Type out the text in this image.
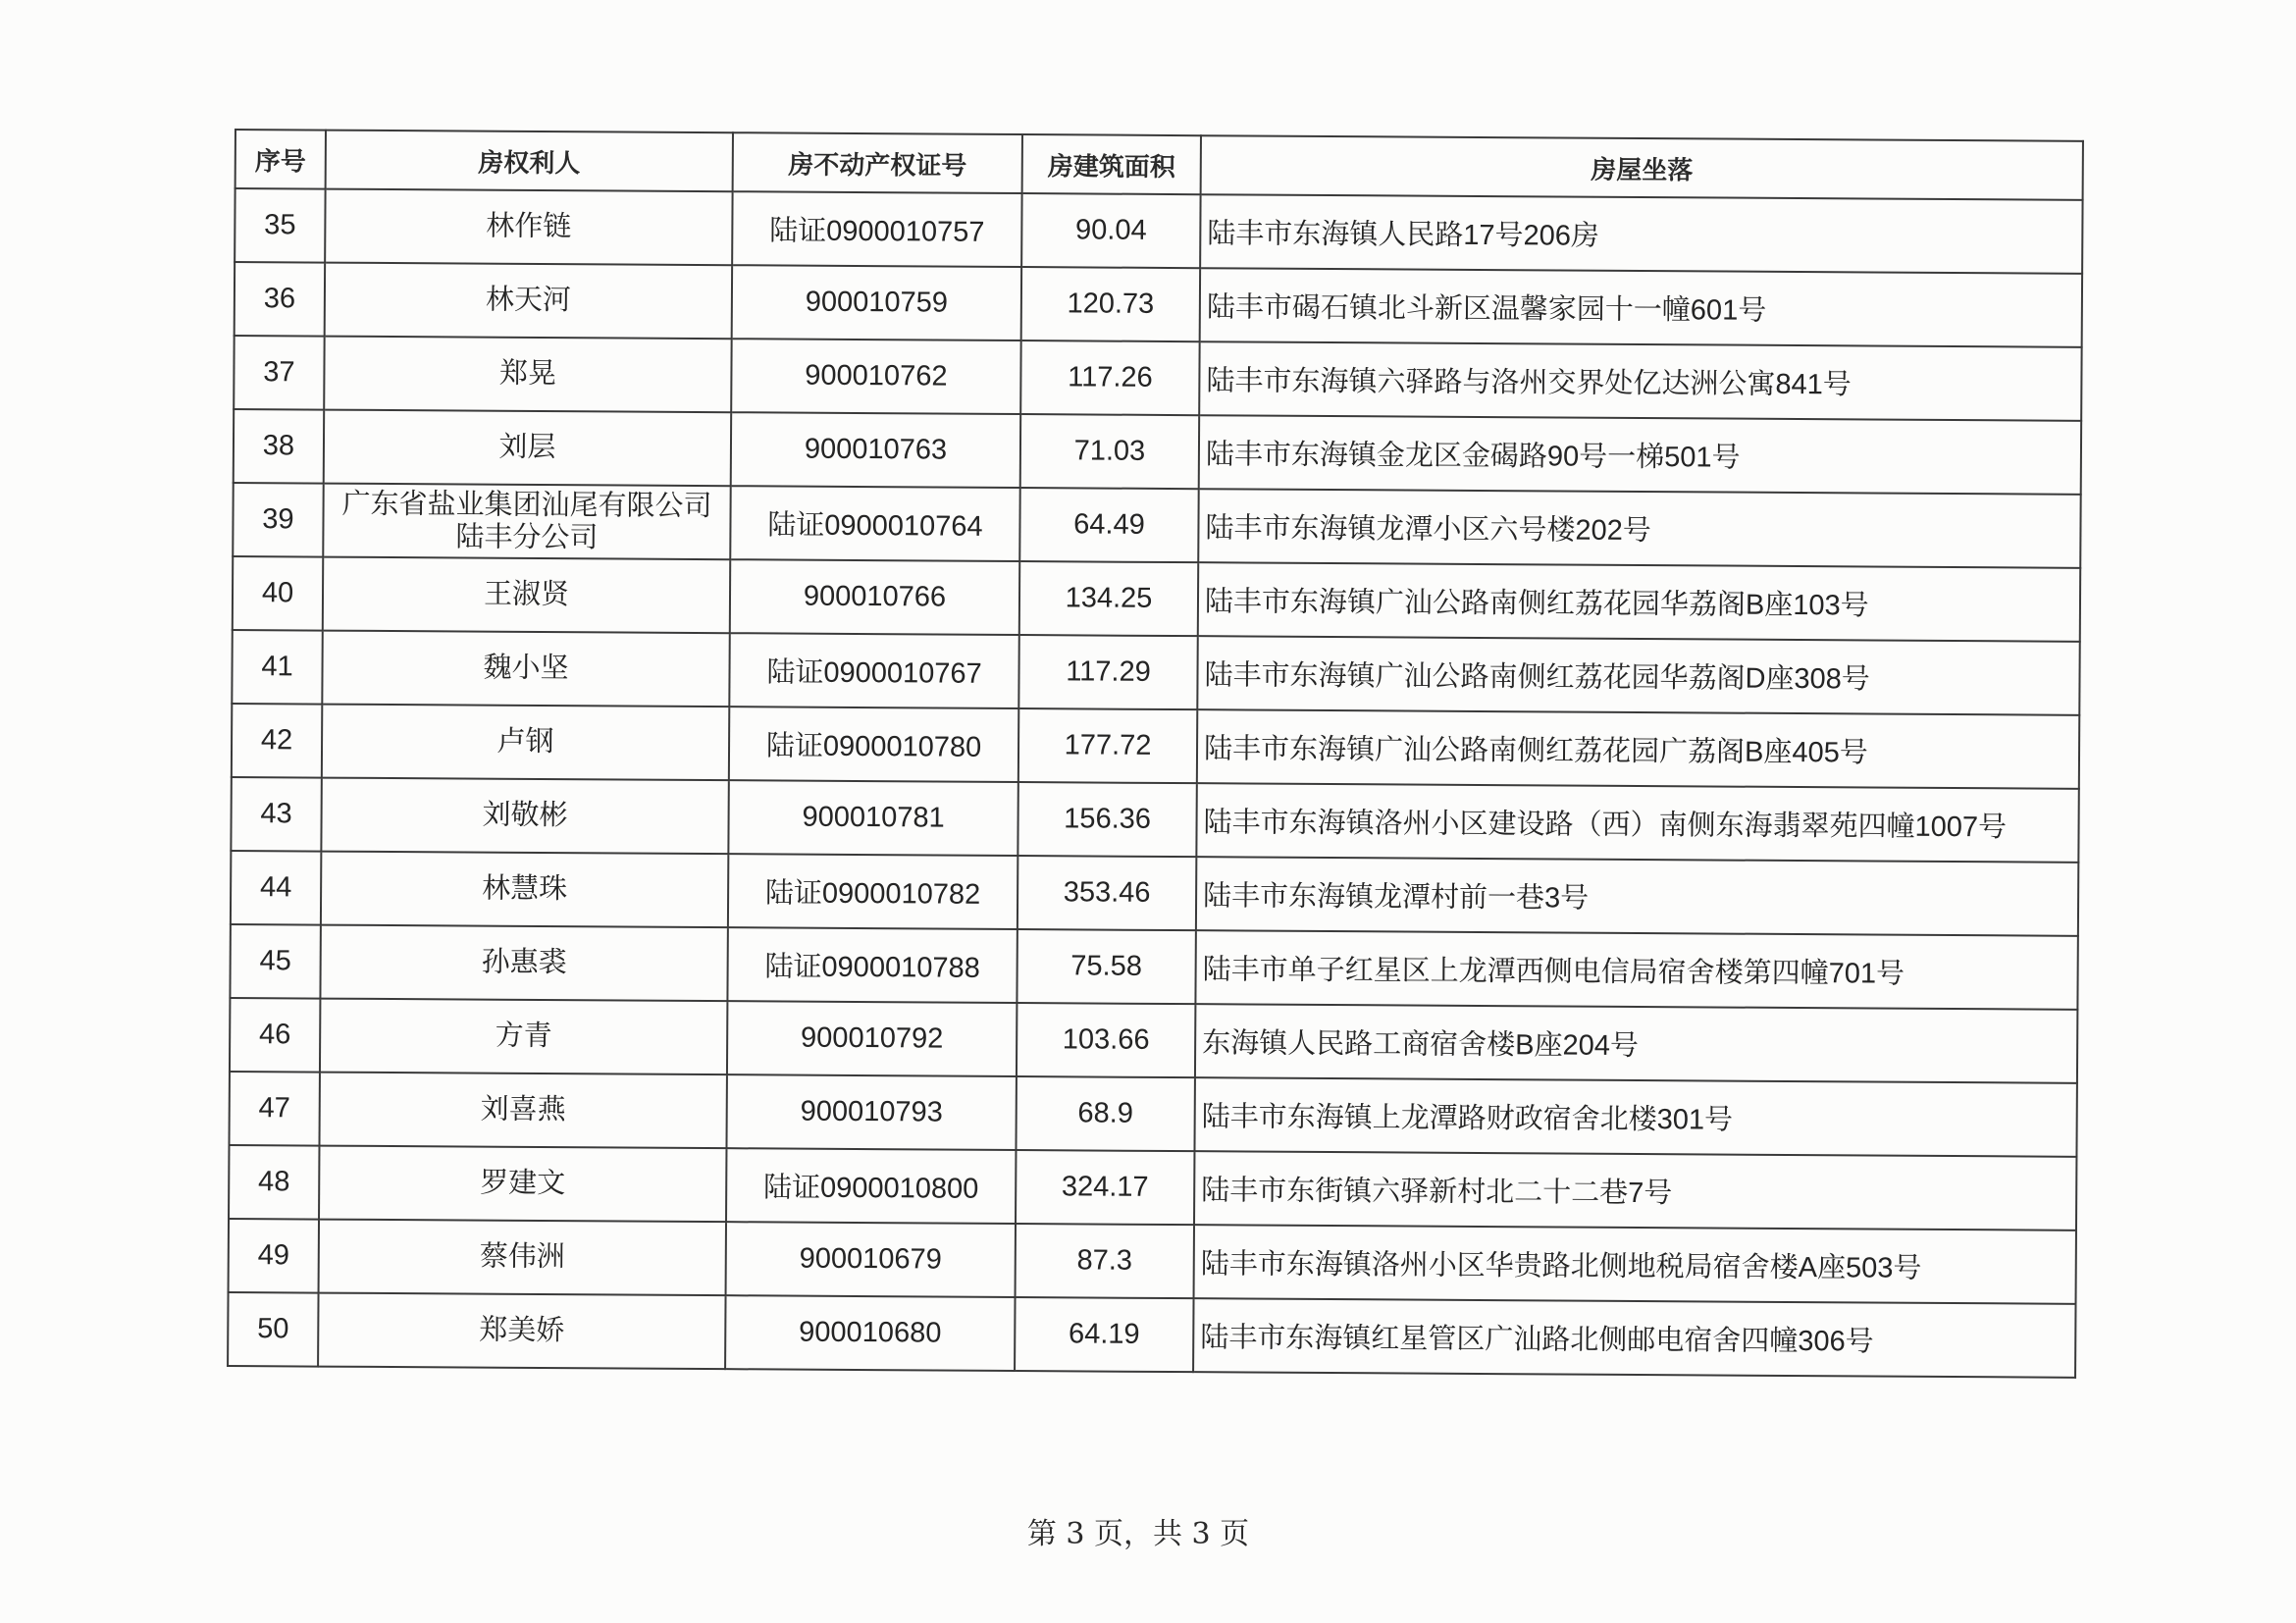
序号	房权利人	房不动产权证号	房建筑面积	房屋坐落
35	林作链	陆证0900010757	90.04	陆丰市东海镇人民路17号206房
36	林天河	900010759	120.73	陆丰市碣石镇北斗新区温馨家园十一幢601号
37	郑晃	900010762	117.26	陆丰市东海镇六驿路与洛州交界处亿达洲公寓841号
38	刘层	900010763	71.03	陆丰市东海镇金龙区金碣路90号一梯501号
39	广东省盐业集团汕尾有限公司
陆丰分公司	陆证0900010764	64.49	陆丰市东海镇龙潭小区六号楼202号
40	王淑贤	900010766	134.25	陆丰市东海镇广汕公路南侧红荔花园华荔阁B座103号
41	魏小坚	陆证0900010767	117.29	陆丰市东海镇广汕公路南侧红荔花园华荔阁D座308号
42	卢钢	陆证0900010780	177.72	陆丰市东海镇广汕公路南侧红荔花园广荔阁B座405号
43	刘敬彬	900010781	156.36	陆丰市东海镇洛州小区建设路（西）南侧东海翡翠苑四幢1007号
44	林慧珠	陆证0900010782	353.46	陆丰市东海镇龙潭村前一巷3号
45	孙惠裘	陆证0900010788	75.58	陆丰市单子红星区上龙潭西侧电信局宿舍楼第四幢701号
46	方青	900010792	103.66	东海镇人民路工商宿舍楼B座204号
47	刘喜燕	900010793	68.9	陆丰市东海镇上龙潭路财政宿舍北楼301号
48	罗建文	陆证0900010800	324.17	陆丰市东街镇六驿新村北二十二巷7号
49	蔡伟洲	900010679	87.3	陆丰市东海镇洛州小区华贵路北侧地税局宿舍楼A座503号
50	郑美娇	900010680	64.19	陆丰市东海镇红星管区广汕路北侧邮电宿舍四幢306号
第 3 页，共 3 页
